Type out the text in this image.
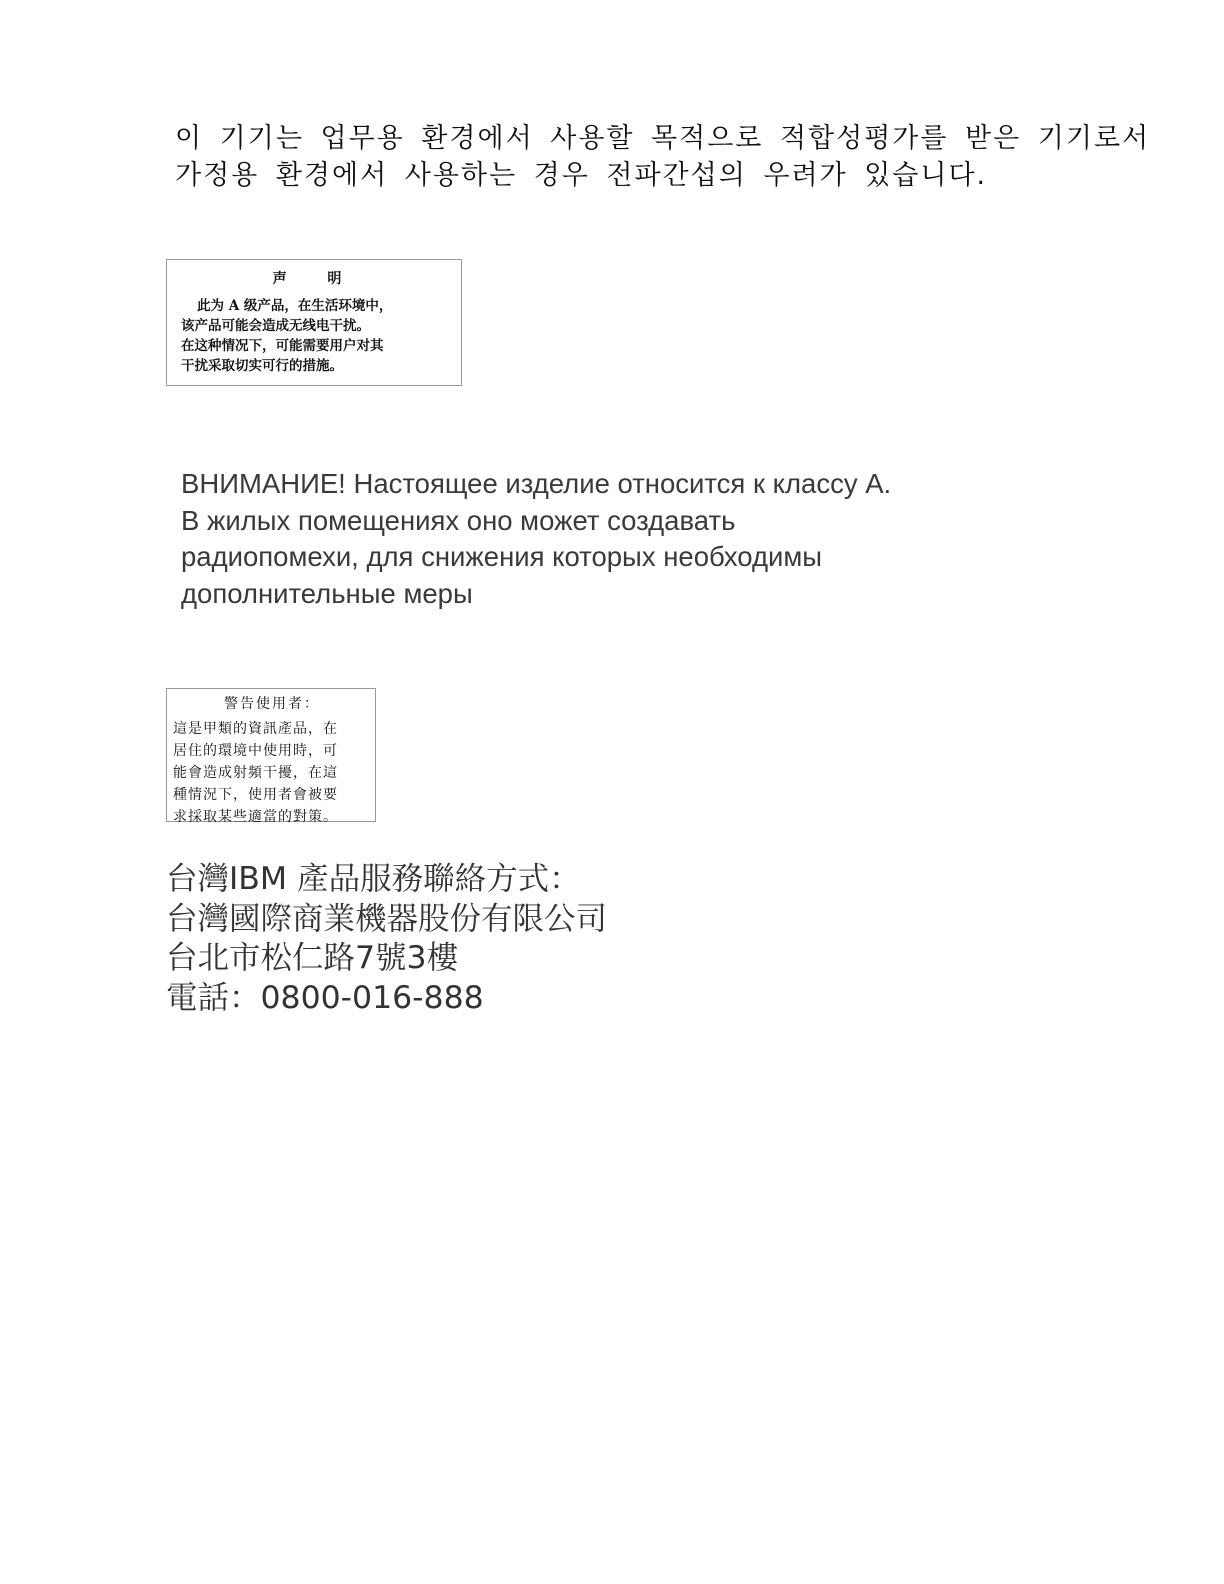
이 기기는 업무용 환경에서 사용할 목적으로 적합성평가를 받은 기기로서
가정용 환경에서 사용하는 경우 전파간섭의 우려가 있습니다.
声 明
此为 A 级产品，在生活环境中，
该产品可能会造成无线电干扰。
在这种情况下，可能需要用户对其
干扰采取切实可行的措施。
ВНИМАНИЕ! Настоящее изделие относится к классу А.
В жилых помещениях оно может создавать
радиопомехи, для снижения которых необходимы
дополнительные меры
警告使用者：
這是甲類的資訊產品，在
居住的環境中使用時，可
能會造成射頻干擾，在這
種情況下，使用者會被要
求採取某些適當的對策。
台灣IBM 產品服務聯絡方式：
台灣國際商業機器股份有限公司
台北市松仁路7號3樓
電話：0800-016-888
